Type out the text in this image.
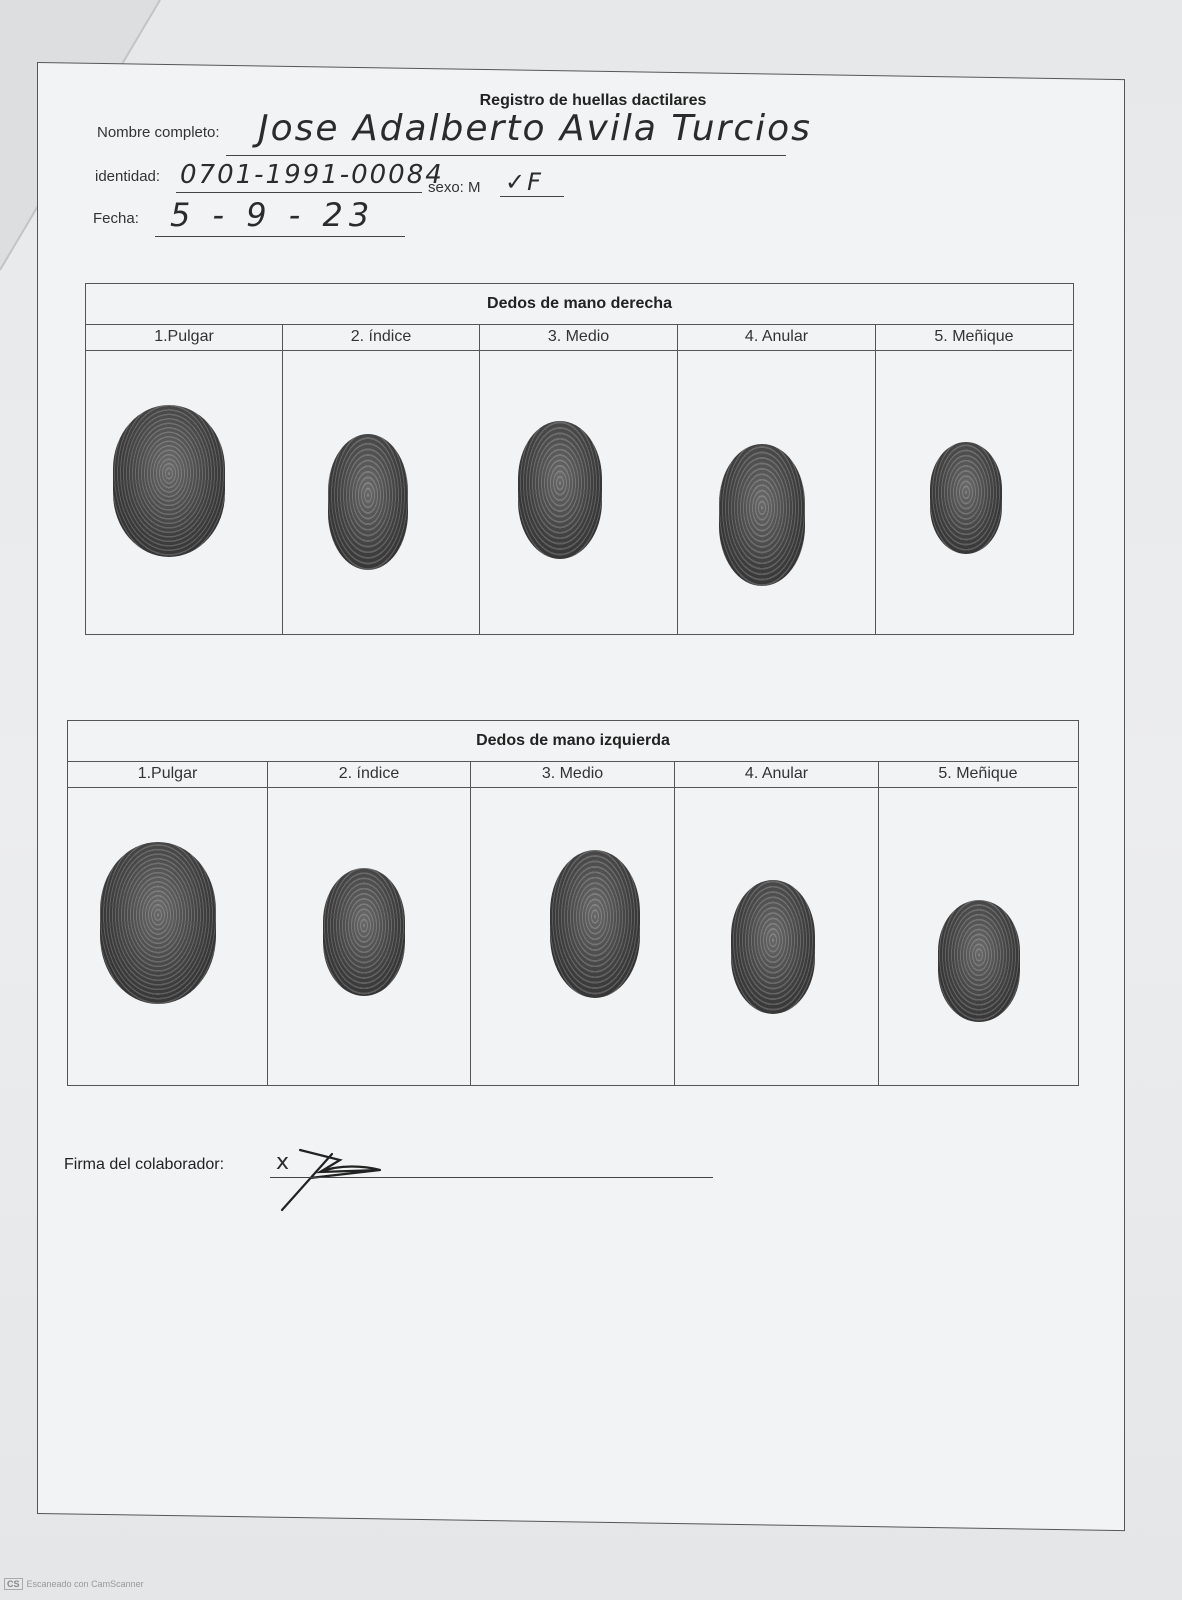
Registro de huellas dactilares
Nombre completo: Jose Adalberto Avila Turcios
identidad: 0701-1991-00084
sexo: M ✓F
Fecha: 5 - 9 - 23
Dedos de mano derecha
1.Pulgar	2. índice	3. Medio	4. Anular	5. Meñique
Dedos de mano izquierda
1.Pulgar	2. índice	3. Medio	4. Anular	5. Meñique
Firma del colaborador: x
CS Escaneado con CamScanner
